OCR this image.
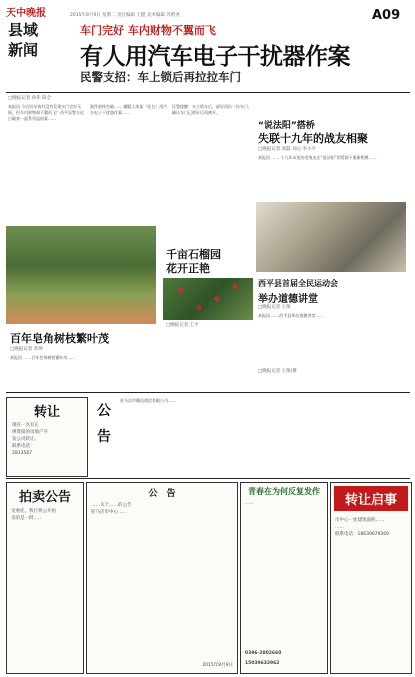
天中晚报
县域
新闻
2015年8月9日 星期二 责任编辑 王健 美术编辑 苏楷尧	A09
车门完好 车内财物不翼而飞
有人用汽车电子干扰器作案
民警支招：车上锁后再拉拉车门
□晚报记者 孙伟 陈全
本报讯 今后回车钱有没有发现车门完好无损，但车内财物却不翼而飞？西平县警方近日破获一起系列盗窃案……
案件最终告破…… 嫌疑人周某（化名）用汽车电子干扰器作案……
民警提醒：车主锁车后，最好再拉一拉车门，确认车门已锁好后再离开。
“说法阳”搭桥
失联十九年的战友相聚
□晚报记者 刘磊 刘心 李小平
本报讯 …… 十九年未见的老战友在“说法阳”的帮助下重新相聚……
千亩石榴园
花开正艳
□晚报记者 王平
西平县首届全民运动会
举办道德讲堂
□晚报记者 王保
本报讯 ……西平县举办道德讲堂……
百年皂角树枝繁叶茂
□晚报记者 苏坤
本报讯 ……百年皂角树枝繁叶茂……
转让
现有一具有正
规资质的房地产开
发公司转让。
联系电话：
2813567
公
告
驻马店市顺达商贸有限公司……
拍卖公告
受委托，我行将公开拍
卖的是一批……
公　告
……关于……的公告
驻马店市中心……
2015年8月9日
青春在为何反复发作
……
0396-2802660
15039632962
转让启事
市中心一处建筑面积……
……
联系电话：18639679269
□晚报记者 王保/摄
